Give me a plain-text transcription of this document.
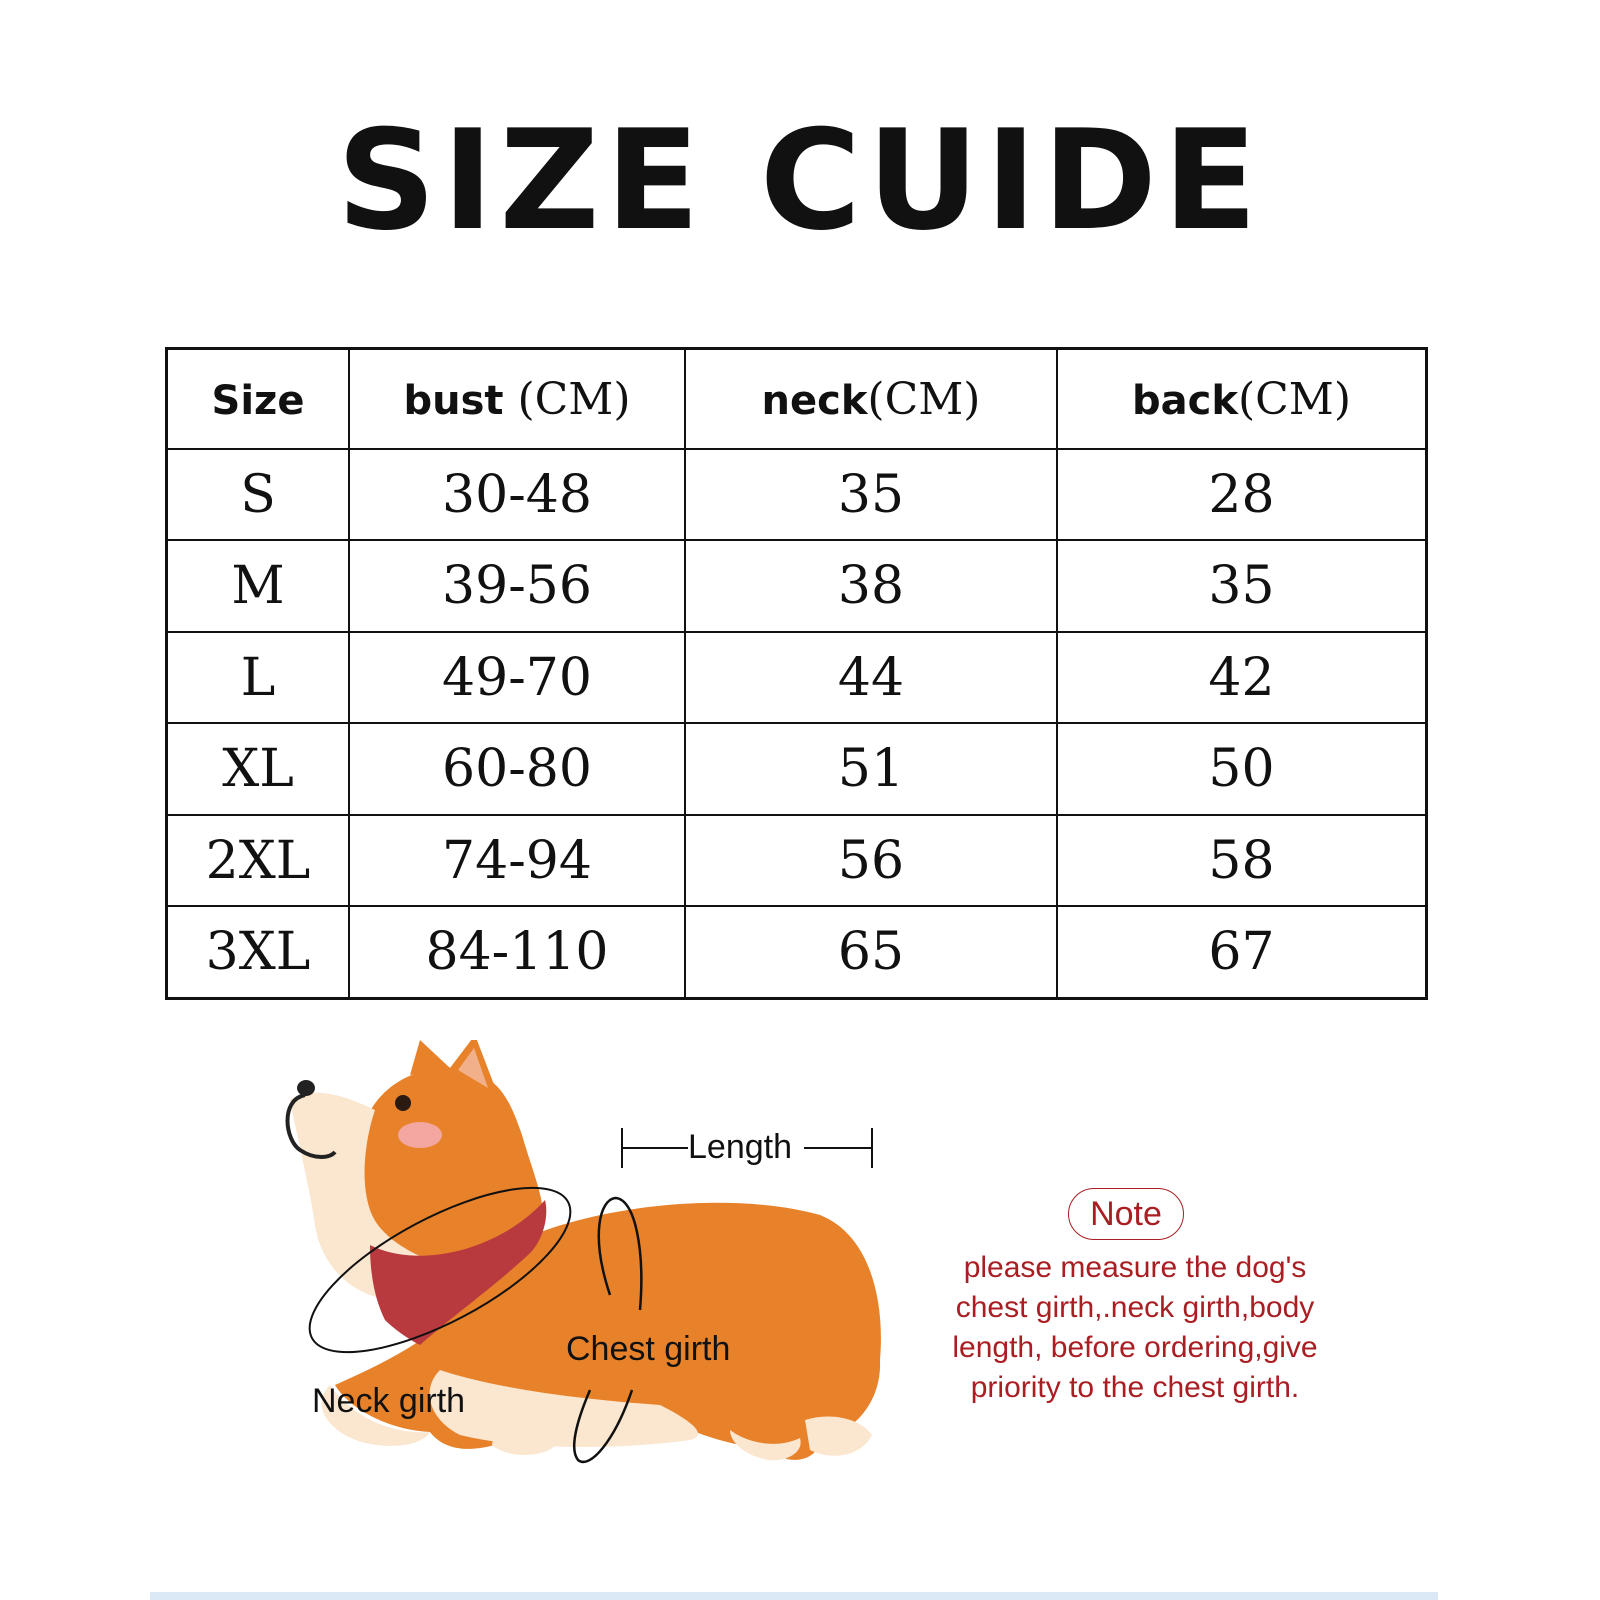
SIZE CUIDE
Size	bust (CM)	neck(CM)	back(CM)
S	30-48	35	28
M	39-56	38	35
L	49-70	44	42
XL	60-80	51	50
2XL	74-94	56	58
3XL	84-110	65	67
Length
Chest girth
Neck girth
Note
please measure the dog's
chest girth,.neck girth,body
length, before ordering,give
priority to the chest girth.
